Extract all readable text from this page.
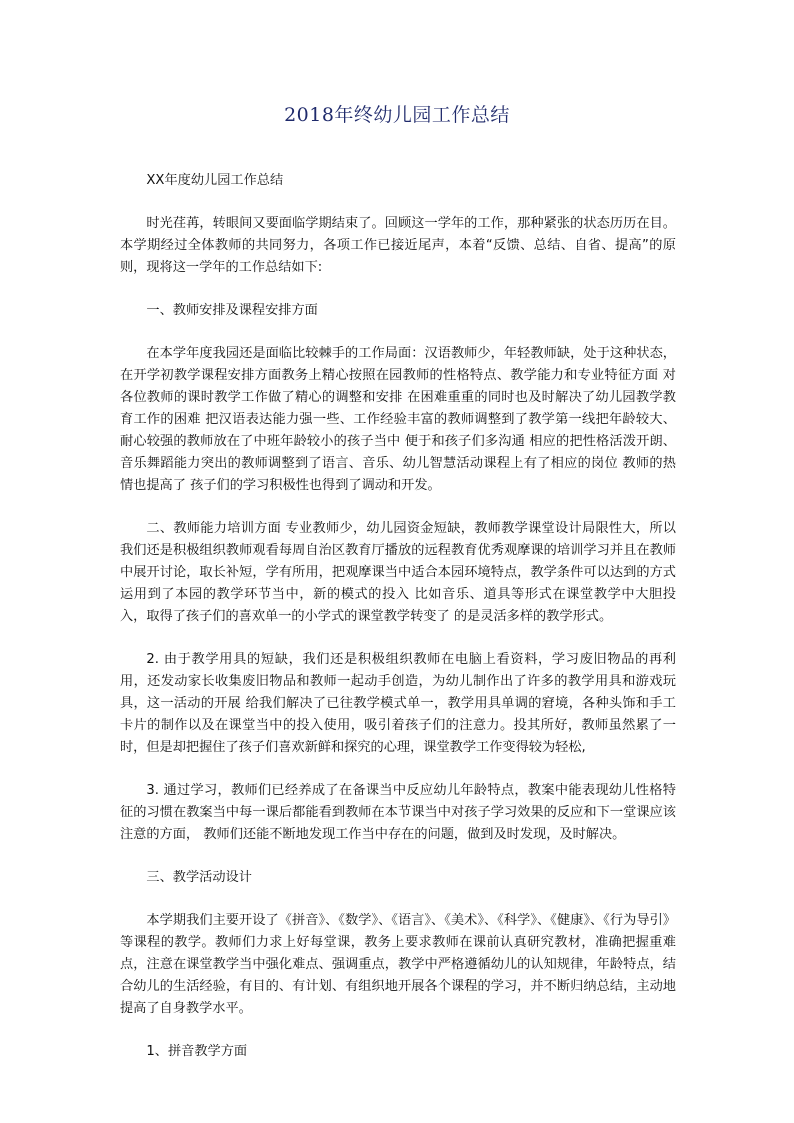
2018年终幼儿园工作总结

XX年度幼儿园工作总结

时光荏苒，转眼间又要面临学期结束了。回顾这一学年的工作，那种紧张的状态历历在目。本学期经过全体教师的共同努力，各项工作已接近尾声，本着“反馈、总结、自省、提高”的原则，现将这一学年的工作总结如下:

一、教师安排及课程安排方面

在本学年度我园还是面临比较棘手的工作局面：汉语教师少，年轻教师缺，处于这种状态，在开学初教学课程安排方面教务上精心按照在园教师的性格特点、教学能力和专业特征方面 对各位教师的课时教学工作做了精心的调整和安排 在困难重重的同时也及时解决了幼儿园教学教育工作的困难 把汉语表达能力强一些、工作经验丰富的教师调整到了教学第一线把年龄较大、耐心较强的教师放在了中班年龄较小的孩子当中 便于和孩子们多沟通 相应的把性格活泼开朗、音乐舞蹈能力突出的教师调整到了语言、音乐、幼儿智慧活动课程上有了相应的岗位 教师的热情也提高了 孩子们的学习积极性也得到了调动和开发。

二、教师能力培训方面 专业教师少，幼儿园资金短缺，教师教学课堂设计局限性大，所以我们还是积极组织教师观看每周自治区教育厅播放的远程教育优秀观摩课的培训学习并且在教师中展开讨论，取长补短，学有所用，把观摩课当中适合本园环境特点，教学条件可以达到的方式运用到了本园的教学环节当中，新的模式的投入 比如音乐、道具等形式在课堂教学中大胆投入，取得了孩子们的喜欢单一的小学式的课堂教学转变了 的是灵活多样的教学形式。

2. 由于教学用具的短缺，我们还是积极组织教师在电脑上看资料，学习废旧物品的再利用，还发动家长收集废旧物品和教师一起动手创造，为幼儿制作出了许多的教学用具和游戏玩具，这一活动的开展 给我们解决了已往教学模式单一，教学用具单调的窘境，各种头饰和手工卡片的制作以及在课堂当中的投入使用，吸引着孩子们的注意力。投其所好，教师虽然累了一时，但是却把握住了孩子们喜欢新鲜和探究的心理，课堂教学工作变得较为轻松,

3. 通过学习，教师们已经养成了在备课当中反应幼儿年龄特点，教案中能表现幼儿性格特征的习惯在教案当中每一课后都能看到教师在本节课当中对孩子学习效果的反应和下一堂课应该注意的方面， 教师们还能不断地发现工作当中存在的问题，做到及时发现，及时解决。

三、教学活动设计

本学期我们主要开设了《拼音》、《数学》、《语言》、《美术》、《科学》、《健康》、《行为导引》等课程的教学。教师们力求上好每堂课，教务上要求教师在课前认真研究教材，准确把握重难点，注意在课堂教学当中强化难点、强调重点，教学中严格遵循幼儿的认知规律，年龄特点，结合幼儿的生活经验，有目的、有计划、有组织地开展各个课程的学习，并不断归纳总结，主动地提高了自身教学水平。

1、拼音教学方面
